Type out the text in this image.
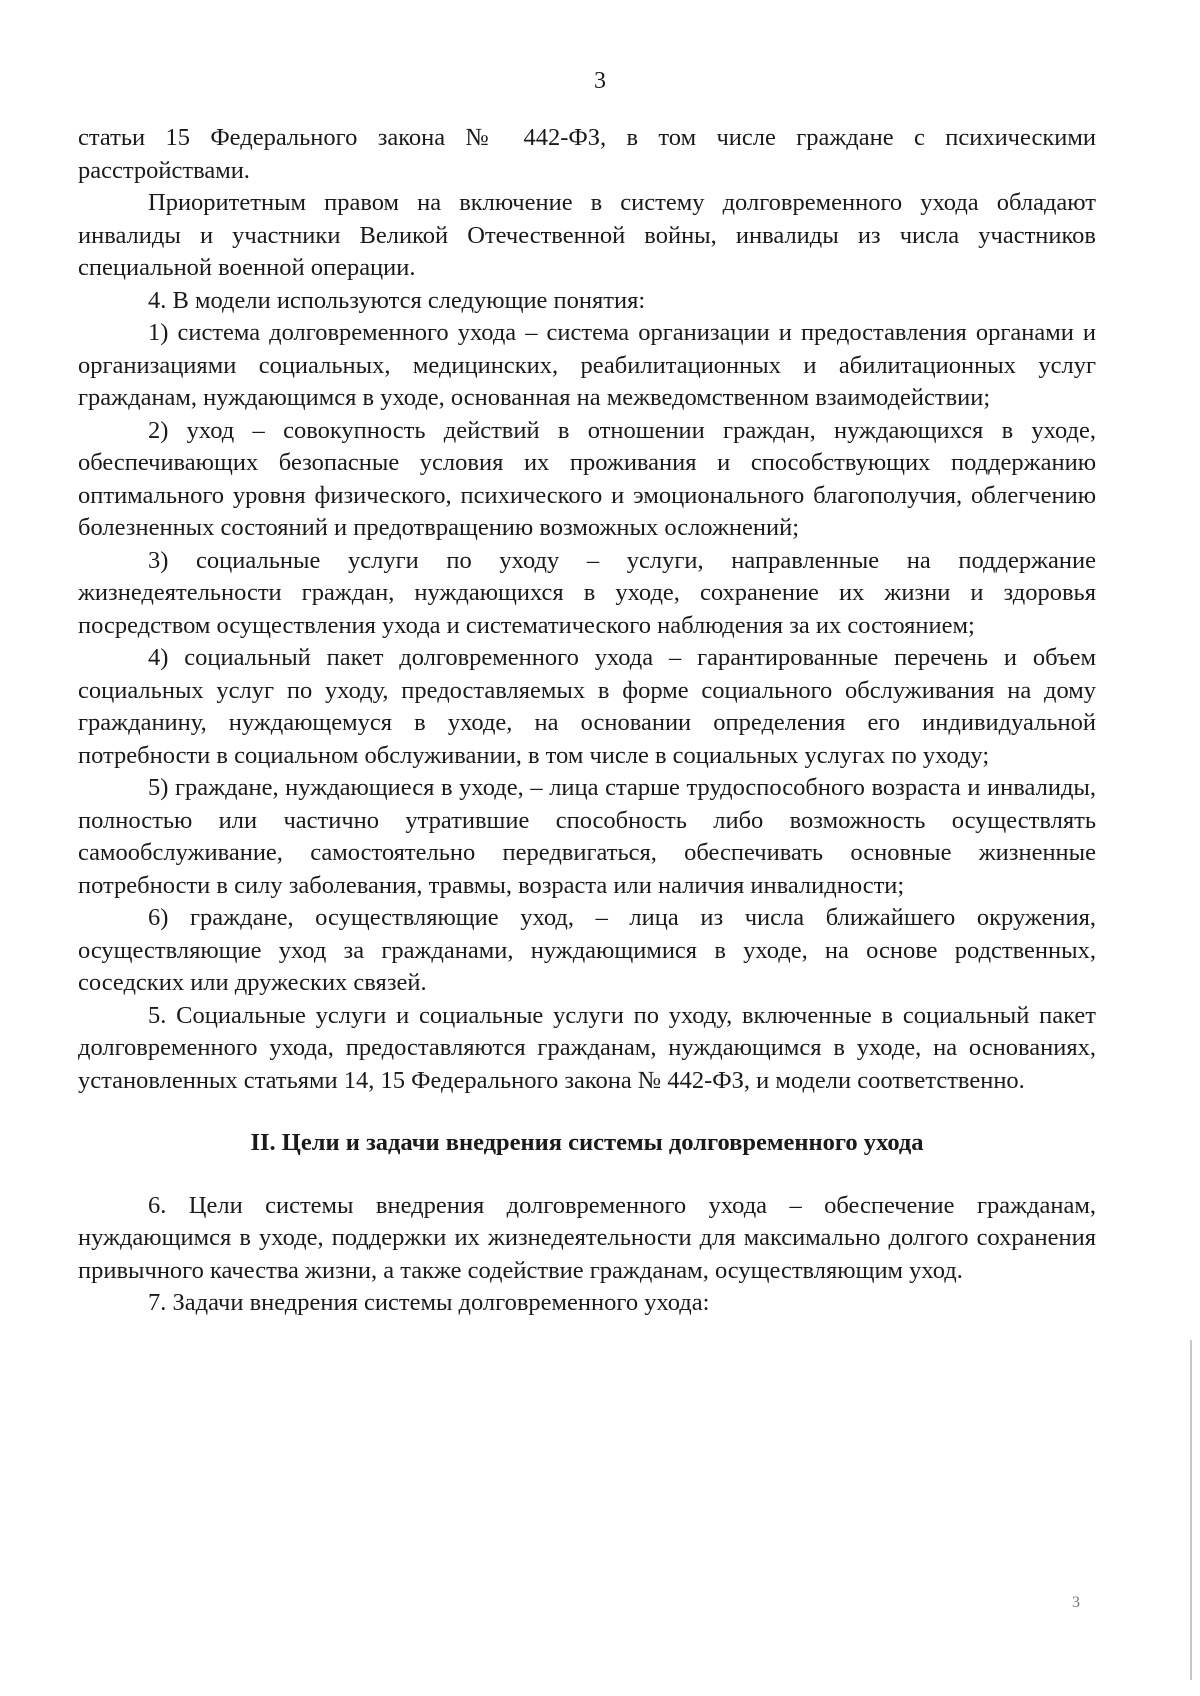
3

статьи 15 Федерального закона № 442-ФЗ, в том числе граждане с психическими расстройствами.

Приоритетным правом на включение в систему долговременного ухода обладают инвалиды и участники Великой Отечественной войны, инвалиды из числа участников специальной военной операции.

4. В модели используются следующие понятия:

1) система долговременного ухода – система организации и предоставления органами и организациями социальных, медицинских, реабилитационных и абилитационных услуг гражданам, нуждающимся в уходе, основанная на межведомственном взаимодействии;

2) уход – совокупность действий в отношении граждан, нуждающихся в уходе, обеспечивающих безопасные условия их проживания и способствующих поддержанию оптимального уровня физического, психического и эмоционального благополучия, облегчению болезненных состояний и предотвращению возможных осложнений;

3) социальные услуги по уходу – услуги, направленные на поддержание жизнедеятельности граждан, нуждающихся в уходе, сохранение их жизни и здоровья посредством осуществления ухода и систематического наблюдения за их состоянием;

4) социальный пакет долговременного ухода – гарантированные перечень и объем социальных услуг по уходу, предоставляемых в форме социального обслуживания на дому гражданину, нуждающемуся в уходе, на основании определения его индивидуальной потребности в социальном обслуживании, в том числе в социальных услугах по уходу;

5) граждане, нуждающиеся в уходе, – лица старше трудоспособного возраста и инвалиды, полностью или частично утратившие способность либо возможность осуществлять самообслуживание, самостоятельно передвигаться, обеспечивать основные жизненные потребности в силу заболевания, травмы, возраста или наличия инвалидности;

6) граждане, осуществляющие уход, – лица из числа ближайшего окружения, осуществляющие уход за гражданами, нуждающимися в уходе, на основе родственных, соседских или дружеских связей.

5. Социальные услуги и социальные услуги по уходу, включенные в социальный пакет долговременного ухода, предоставляются гражданам, нуждающимся в уходе, на основаниях, установленных статьями 14, 15 Федерального закона № 442-ФЗ, и модели соответственно.

II. Цели и задачи внедрения системы долговременного ухода

6. Цели системы внедрения долговременного ухода – обеспечение гражданам, нуждающимся в уходе, поддержки их жизнедеятельности для максимально долгого сохранения привычного качества жизни, а также содействие гражданам, осуществляющим уход.

7. Задачи внедрения системы долговременного ухода:

3
